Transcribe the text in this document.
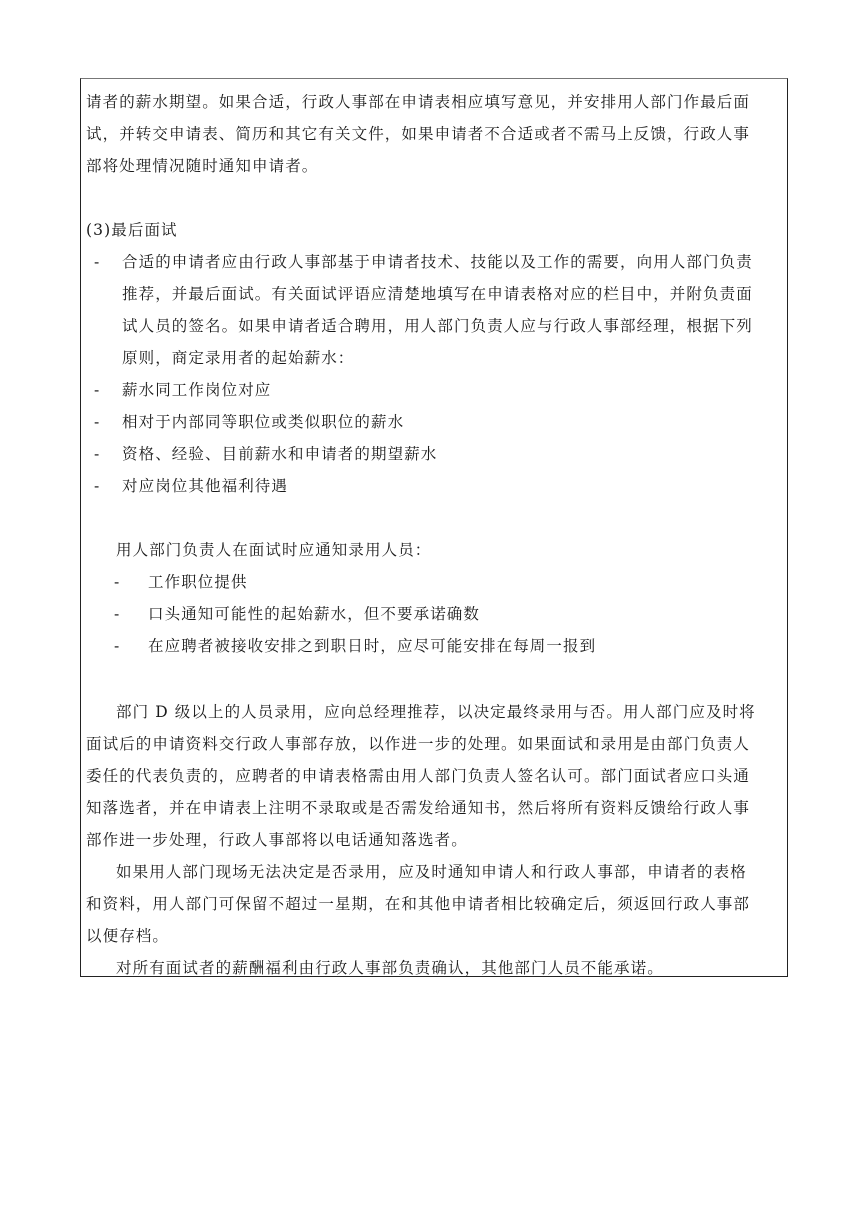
请者的薪水期望。如果合适，行政人事部在申请表相应填写意见，并安排用人部门作最后面
试，并转交申请表、简历和其它有关文件，如果申请者不合适或者不需马上反馈，行政人事
部将处理情况随时通知申请者。
(3)最后面试
- 合适的申请者应由行政人事部基于申请者技术、技能以及工作的需要，向用人部门负责
推荐，并最后面试。有关面试评语应清楚地填写在申请表格对应的栏目中，并附负责面
试人员的签名。如果申请者适合聘用，用人部门负责人应与行政人事部经理，根据下列
原则，商定录用者的起始薪水：
- 薪水同工作岗位对应
- 相对于内部同等职位或类似职位的薪水
- 资格、经验、目前薪水和申请者的期望薪水
- 对应岗位其他福利待遇
用人部门负责人在面试时应通知录用人员：
- 工作职位提供
- 口头通知可能性的起始薪水，但不要承诺确数
- 在应聘者被接收安排之到职日时，应尽可能安排在每周一报到
部门 D 级以上的人员录用，应向总经理推荐，以决定最终录用与否。用人部门应及时将
面试后的申请资料交行政人事部存放，以作进一步的处理。如果面试和录用是由部门负责人
委任的代表负责的，应聘者的申请表格需由用人部门负责人签名认可。部门面试者应口头通
知落选者，并在申请表上注明不录取或是否需发给通知书，然后将所有资料反馈给行政人事
部作进一步处理，行政人事部将以电话通知落选者。
如果用人部门现场无法决定是否录用，应及时通知申请人和行政人事部，申请者的表格
和资料，用人部门可保留不超过一星期，在和其他申请者相比较确定后，须返回行政人事部
以便存档。
对所有面试者的薪酬福利由行政人事部负责确认，其他部门人员不能承诺。
